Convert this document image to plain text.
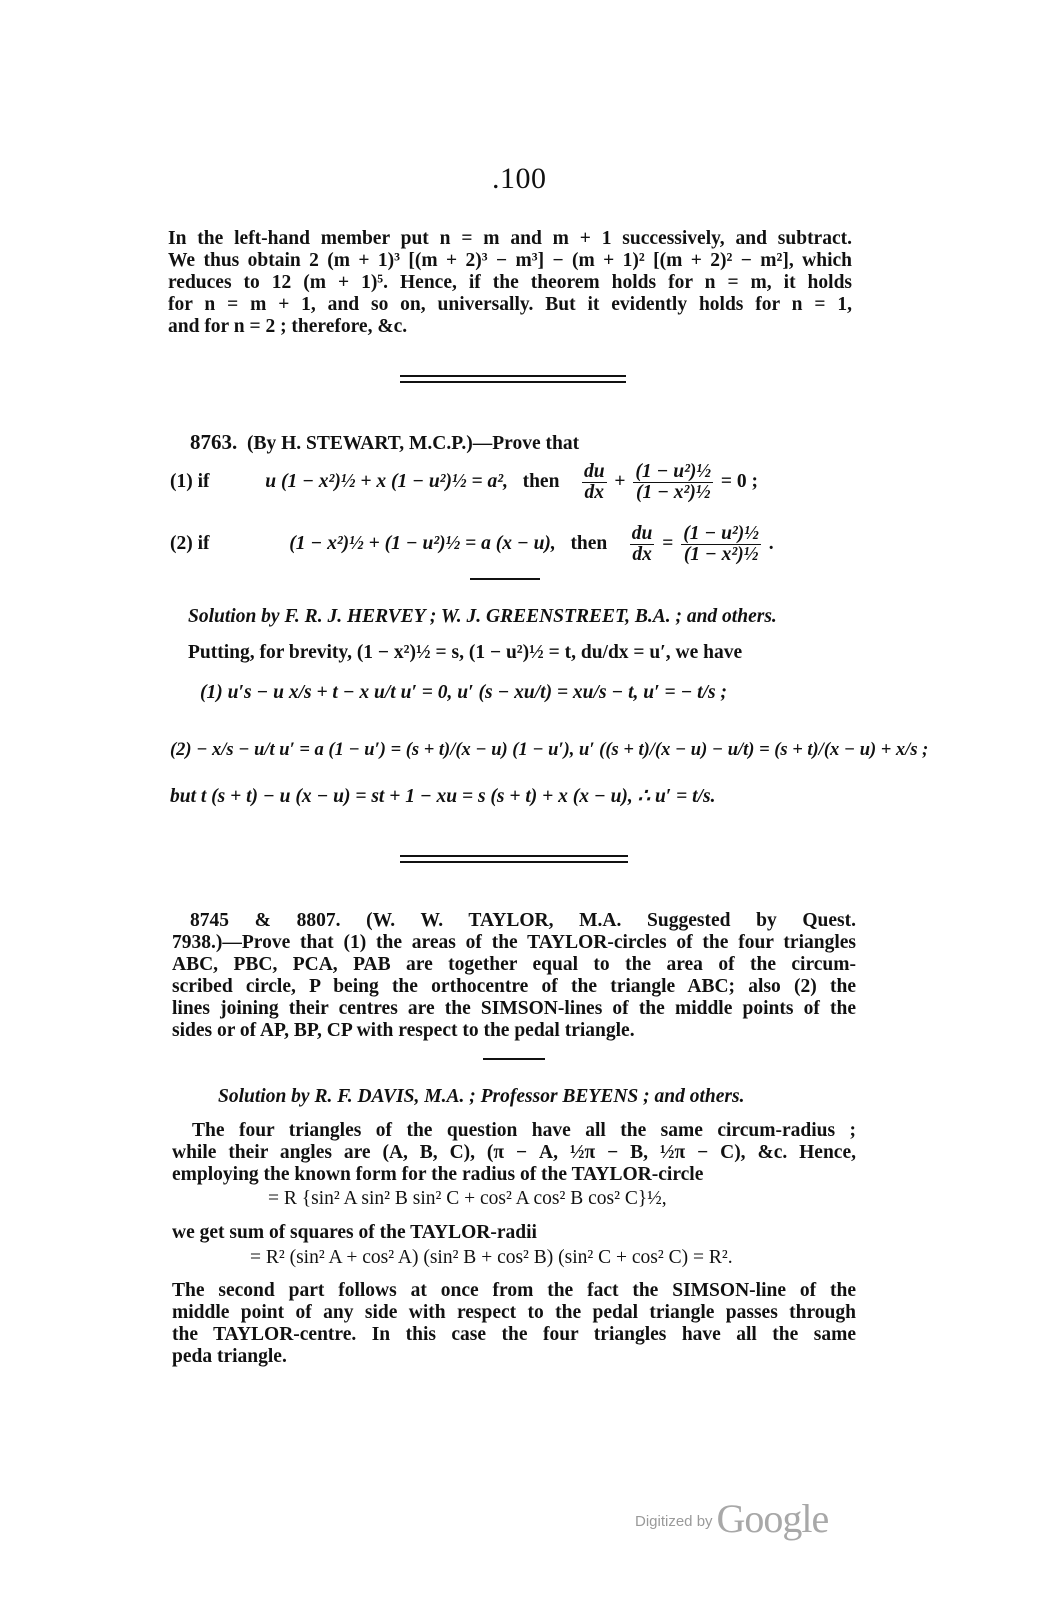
.100
In the left-hand member put n = m and m + 1 successively, and subtract.
We thus obtain 2 (m + 1)³ [(m + 2)³ − m³] − (m + 1)² [(m + 2)² − m²], which
reduces to 12 (m + 1)⁵. Hence, if the theorem holds for n = m, it holds
for n = m + 1, and so on, universally. But it evidently holds for n = 1,
and for n = 2 ; therefore, &c.
8763. (By H. STEWART, M.C.P.)—Prove that
(1) if	u (1 − x²)½ + x (1 − u²)½ = a², then $\frac{du}{dx} + \frac{\text{(1 − u²)½}}{\text{(1 − x²)½}} = 0$ ;
(2) if	(1 − x²)½ + (1 − u²)½ = a (x − u), then $\frac{du}{dx} = \frac{\text{(1 − u²)½}}{\text{(1 − x²)½}}$ .
Solution by F. R. J. HERVEY ; W. J. GREENSTREET, B.A. ; and others.
Putting, for brevity, (1 − x²)½ = s, (1 − u²)½ = t, du/dx = u′, we have
(1) u′s − u x/s + t − x u/t u′ = 0, u′ (s − xu/t) = xu/s − t, u′ = − t/s ;
(2) − x/s − u/t u′ = a (1 − u′) = (s + t)/(x − u) (1 − u′), u′ ((s + t)/(x − u) − u/t) = (s + t)/(x − u) + x/s ;
but t (s + t) − u (x − u) = st + 1 − xu = s (s + t) + x (x − u), ∴ u′ = t/s.
8745 & 8807. (W. W. TAYLOR, M.A. Suggested by Quest.
7938.)—Prove that (1) the areas of the TAYLOR-circles of the four triangles
ABC, PBC, PCA, PAB are together equal to the area of the circum-
scribed circle, P being the orthocentre of the triangle ABC; also (2) the
lines joining their centres are the SIMSON-lines of the middle points of the
sides or of AP, BP, CP with respect to the pedal triangle.
Solution by R. F. DAVIS, M.A. ; Professor BEYENS ; and others.
The four triangles of the question have all the same circum-radius ;
while their angles are (A, B, C), (π − A, ½π − B, ½π − C), &c. Hence,
employing the known form for the radius of the TAYLOR-circle
= R {sin² A sin² B sin² C + cos² A cos² B cos² C}½,
we get sum of squares of the TAYLOR-radii
= R² (sin² A + cos² A) (sin² B + cos² B) (sin² C + cos² C) = R².
The second part follows at once from the fact the SIMSON-line of the
middle point of any side with respect to the pedal triangle passes through
the TAYLOR-centre. In this case the four triangles have all the same
peda triangle.
Digitized by Google
